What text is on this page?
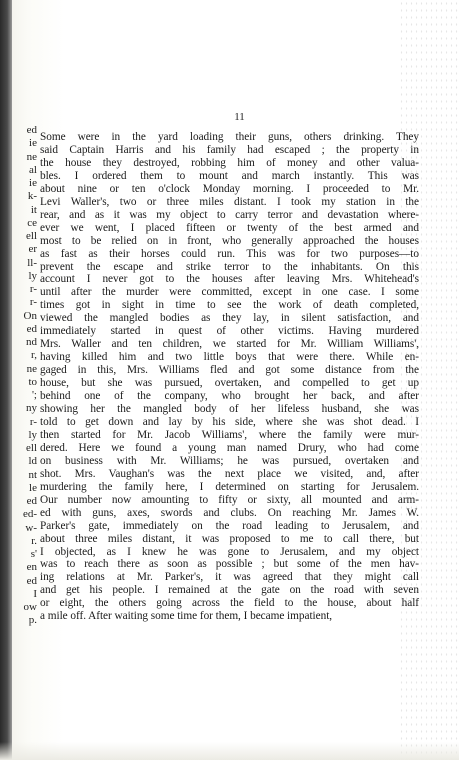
ed
ie
ne
al
ie
k-
it
ce
ell
er
ll-
ly
r-
r-
On
ed
nd
r,
ne
to
';
ny
r-
ly
ell
ld
nt
le
ed
ed-
w-
r.
s'
en
ed
I
ow
p.
11
Some were in the yard loading their guns, others drinking. They
said Captain Harris and his family had escaped ; the property in
the house they destroyed, robbing him of money and other valua-
bles. I ordered them to mount and march instantly. This was
about nine or ten o'clock Monday morning. I proceeded to Mr.
Levi Waller's, two or three miles distant. I took my station in the
rear, and as it was my object to carry terror and devastation where-
ever we went, I placed fifteen or twenty of the best armed and
most to be relied on in front, who generally approached the houses
as fast as their horses could run. This was for two purposes—to
prevent the escape and strike terror to the inhabitants. On this
account I never got to the houses after leaving Mrs. Whitehead's
until after the murder were committed, except in one case. I some
times got in sight in time to see the work of death completed,
viewed the mangled bodies as they lay, in silent satisfaction, and
immediately started in quest of other victims. Having murdered
Mrs. Waller and ten children, we started for Mr. William Williams',
having killed him and two little boys that were there. While en-
gaged in this, Mrs. Williams fled and got some distance from the
house, but she was pursued, overtaken, and compelled to get up
behind one of the company, who brought her back, and after
showing her the mangled body of her lifeless husband, she was
told to get down and lay by his side, where she was shot dead. I
then started for Mr. Jacob Williams', where the family were mur-
dered. Here we found a young man named Drury, who had come
on business with Mr. Williams; he was pursued, overtaken and
shot. Mrs. Vaughan's was the next place we visited, and, after
murdering the family here, I determined on starting for Jerusalem.
Our number now amounting to fifty or sixty, all mounted and arm-
ed with guns, axes, swords and clubs. On reaching Mr. James W.
Parker's gate, immediately on the road leading to Jerusalem, and
about three miles distant, it was proposed to me to call there, but
I objected, as I knew he was gone to Jerusalem, and my object
was to reach there as soon as possible ; but some of the men hav-
ing relations at Mr. Parker's, it was agreed that they might call
and get his people. I remained at the gate on the road with seven
or eight, the others going across the field to the house, about half
a mile off. After waiting some time for them, I became impatient,
